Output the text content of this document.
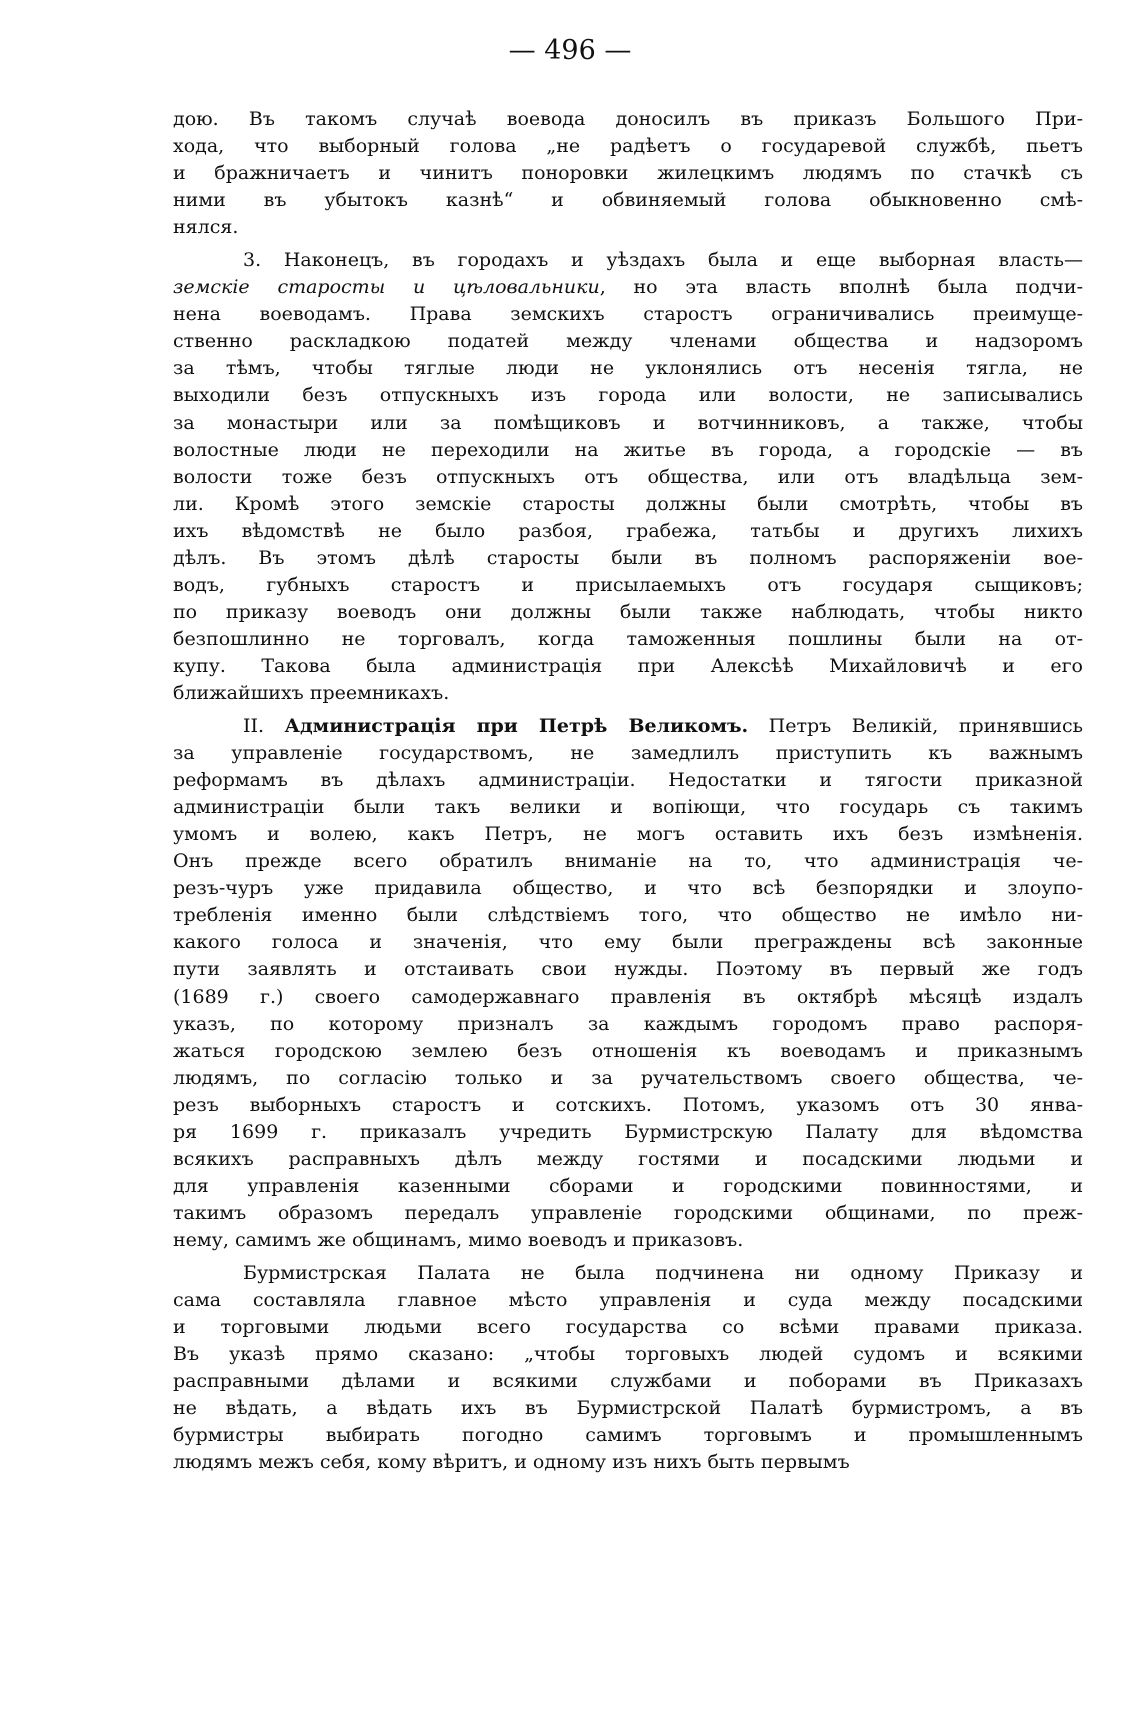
— 496 —
дою. Въ такомъ случаѣ воевода доносилъ въ приказъ Большого При-
хода, что выборный голова „не радѣетъ о государевой службѣ, пьетъ
и бражничаетъ и чинитъ поноровки жилецкимъ людямъ по стачкѣ съ
ними въ убытокъ казнѣ“ и обвиняемый голова обыкновенно смѣ-
нялся.
3. Наконецъ, въ городахъ и уѣздахъ была и еще выборная власть—
земскіе старосты и цѣловальники, но эта власть вполнѣ была подчи-
нена воеводамъ. Права земскихъ старостъ ограничивались преимуще-
ственно раскладкою податей между членами общества и надзоромъ
за тѣмъ, чтобы тяглые люди не уклонялись отъ несенія тягла, не
выходили безъ отпускныхъ изъ города или волости, не записывались
за монастыри или за помѣщиковъ и вотчинниковъ, а также, чтобы
волостные люди не переходили на житье въ города, а городскіе — въ
волости тоже безъ отпускныхъ отъ общества, или отъ владѣльца зем-
ли. Кромѣ этого земскіе старосты должны были смотрѣть, чтобы въ
ихъ вѣдомствѣ не было разбоя, грабежа, татьбы и другихъ лихихъ
дѣлъ. Въ этомъ дѣлѣ старосты были въ полномъ распоряженіи вое-
водъ, губныхъ старостъ и присылаемыхъ отъ государя сыщиковъ;
по приказу воеводъ они должны были также наблюдать, чтобы никто
безпошлинно не торговалъ, когда таможенныя пошлины были на от-
купу. Такова была администрація при Алексѣѣ Михайловичѣ и его
ближайшихъ преемникахъ.
II. Администрація при Петрѣ Великомъ. Петръ Великій, принявшись
за управленіе государствомъ, не замедлилъ приступить къ важнымъ
реформамъ въ дѣлахъ администраціи. Недостатки и тягости приказной
администраціи были такъ велики и вопіющи, что государь съ такимъ
умомъ и волею, какъ Петръ, не могъ оставить ихъ безъ измѣненія.
Онъ прежде всего обратилъ вниманіе на то, что администрація че-
резъ-чуръ уже придавила общество, и что всѣ безпорядки и злоупо-
требленія именно были слѣдствіемъ того, что общество не имѣло ни-
какого голоса и значенія, что ему были преграждены всѣ законные
пути заявлять и отстаивать свои нужды. Поэтому въ первый же годъ
(1689 г.) своего самодержавнаго правленія въ октябрѣ мѣсяцѣ издалъ
указъ, по которому призналъ за каждымъ городомъ право распоря-
жаться городскою землею безъ отношенія къ воеводамъ и приказнымъ
людямъ, по согласію только и за ручательствомъ своего общества, че-
резъ выборныхъ старостъ и сотскихъ. Потомъ, указомъ отъ 30 янва-
ря 1699 г. приказалъ учредить Бурмистрскую Палату для вѣдомства
всякихъ расправныхъ дѣлъ между гостями и посадскими людьми и
для управленія казенными сборами и городскими повинностями, и
такимъ образомъ передалъ управленіе городскими общинами, по преж-
нему, самимъ же общинамъ, мимо воеводъ и приказовъ.
Бурмистрская Палата не была подчинена ни одному Приказу и
сама составляла главное мѣсто управленія и суда между посадскими
и торговыми людьми всего государства со всѣми правами приказа.
Въ указѣ прямо сказано: „чтобы торговыхъ людей судомъ и всякими
расправными дѣлами и всякими службами и поборами въ Приказахъ
не вѣдать, а вѣдать ихъ въ Бурмистрской Палатѣ бурмистромъ, а въ
бурмистры выбирать погодно самимъ торговымъ и промышленнымъ
людямъ межъ себя, кому вѣритъ, и одному изъ нихъ быть первымъ
